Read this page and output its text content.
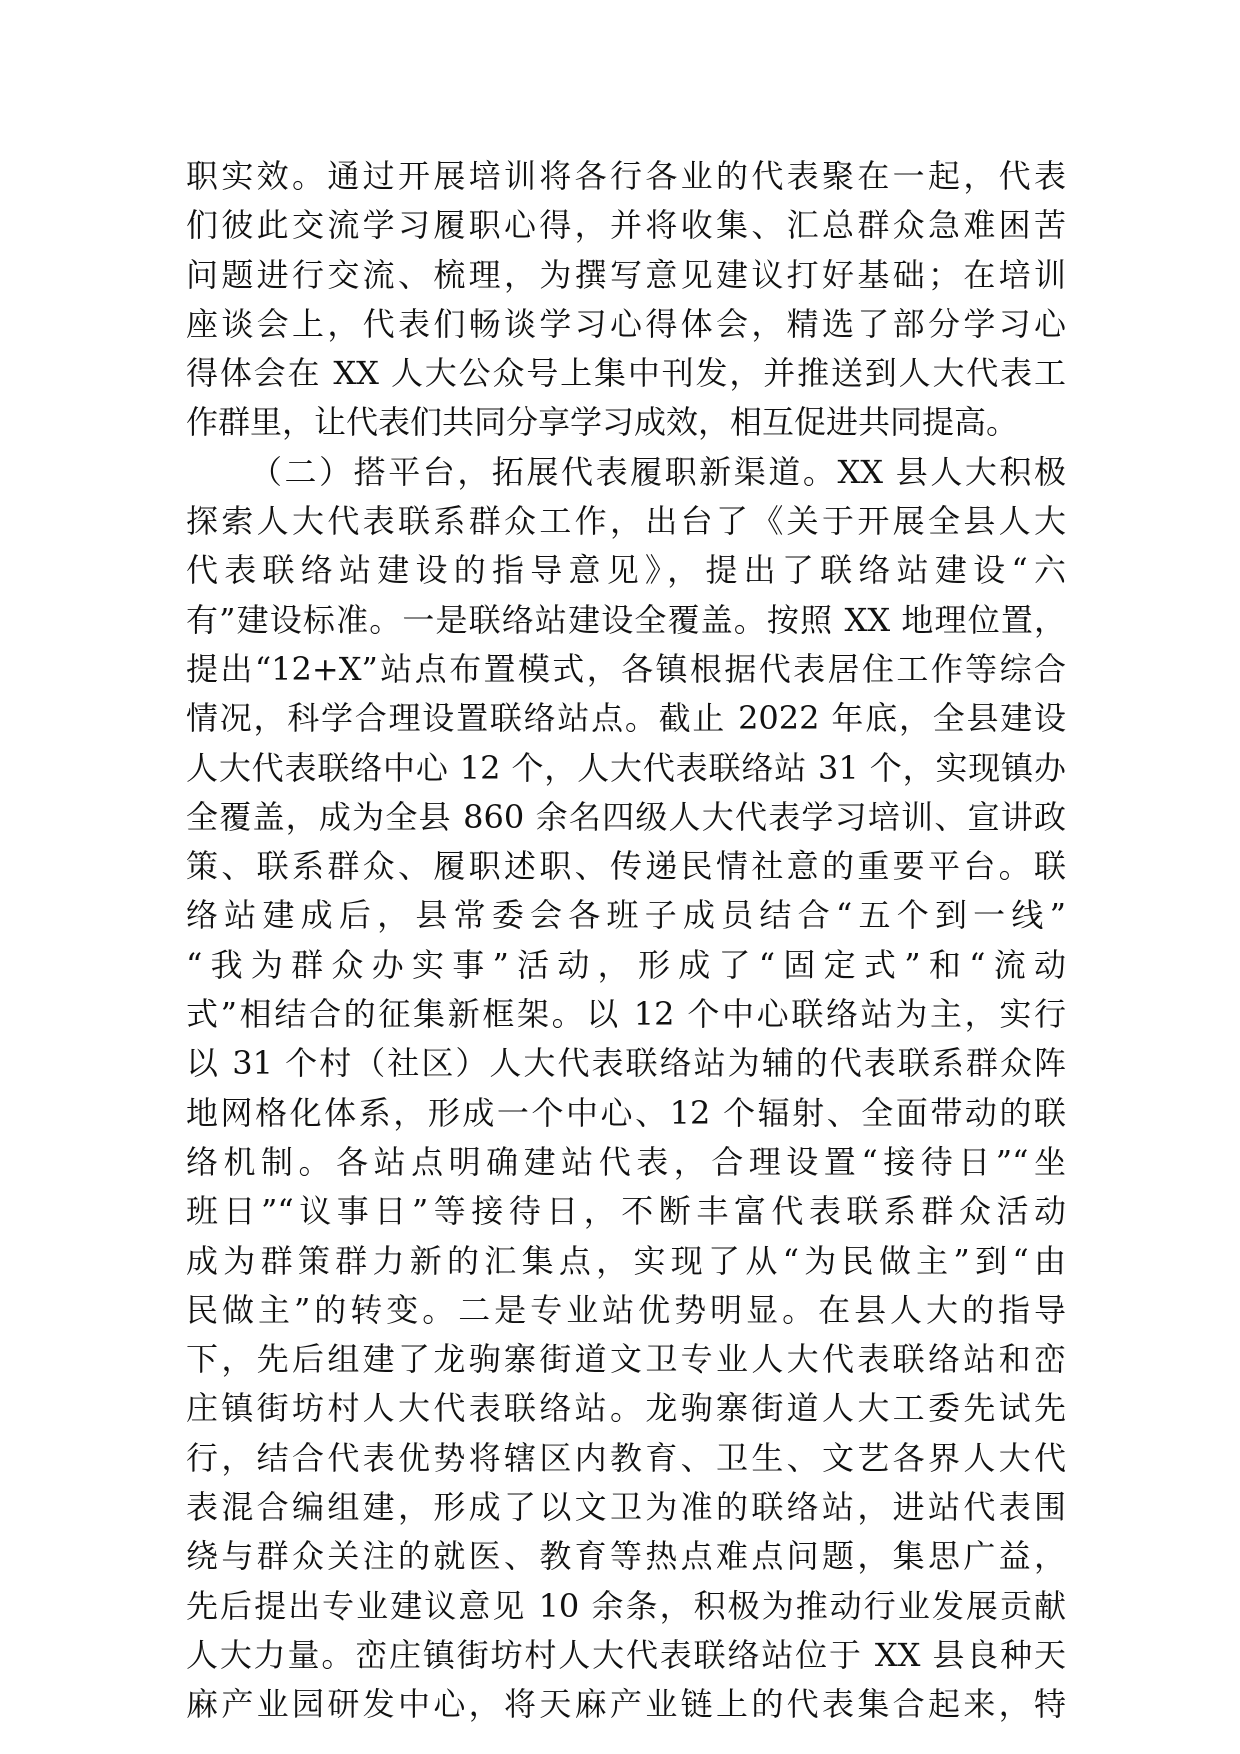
职实效。通过开展培训将各行各业的代表聚在一起，代表
们彼此交流学习履职心得，并将收集、汇总群众急难困苦
问题进行交流、梳理，为撰写意见建议打好基础；在培训
座谈会上，代表们畅谈学习心得体会，精选了部分学习心
得体会在 XX 人大公众号上集中刊发，并推送到人大代表工
作群里，让代表们共同分享学习成效，相互促进共同提高。
（二）搭平台，拓展代表履职新渠道。XX 县人大积极
探索人大代表联系群众工作，出台了《关于开展全县人大
代表联络站建设的指导意见》，提出了联络站建设“六
有”建设标准。一是联络站建设全覆盖。按照 XX 地理位置，
提出“12+X”站点布置模式，各镇根据代表居住工作等综合
情况，科学合理设置联络站点。截止 2022 年底，全县建设
人大代表联络中心 12 个，人大代表联络站 31 个，实现镇办
全覆盖，成为全县 860 余名四级人大代表学习培训、宣讲政
策、联系群众、履职述职、传递民情社意的重要平台。联
络站建成后，县常委会各班子成员结合“五个到一线”
“我为群众办实事”活动，形成了“固定式”和“流动
式”相结合的征集新框架。以 12 个中心联络站为主，实行
以 31 个村（社区）人大代表联络站为辅的代表联系群众阵
地网格化体系，形成一个中心、12 个辐射、全面带动的联
络机制。各站点明确建站代表，合理设置“接待日”“坐
班日”“议事日”等接待日，不断丰富代表联系群众活动
成为群策群力新的汇集点，实现了从“为民做主”到“由
民做主”的转变。二是专业站优势明显。在县人大的指导
下，先后组建了龙驹寨街道文卫专业人大代表联络站和峦
庄镇街坊村人大代表联络站。龙驹寨街道人大工委先试先
行，结合代表优势将辖区内教育、卫生、文艺各界人大代
表混合编组建，形成了以文卫为准的联络站，进站代表围
绕与群众关注的就医、教育等热点难点问题，集思广益，
先后提出专业建议意见 10 余条，积极为推动行业发展贡献
人大力量。峦庄镇街坊村人大代表联络站位于 XX 县良种天
麻产业园研发中心，将天麻产业链上的代表集合起来，特
